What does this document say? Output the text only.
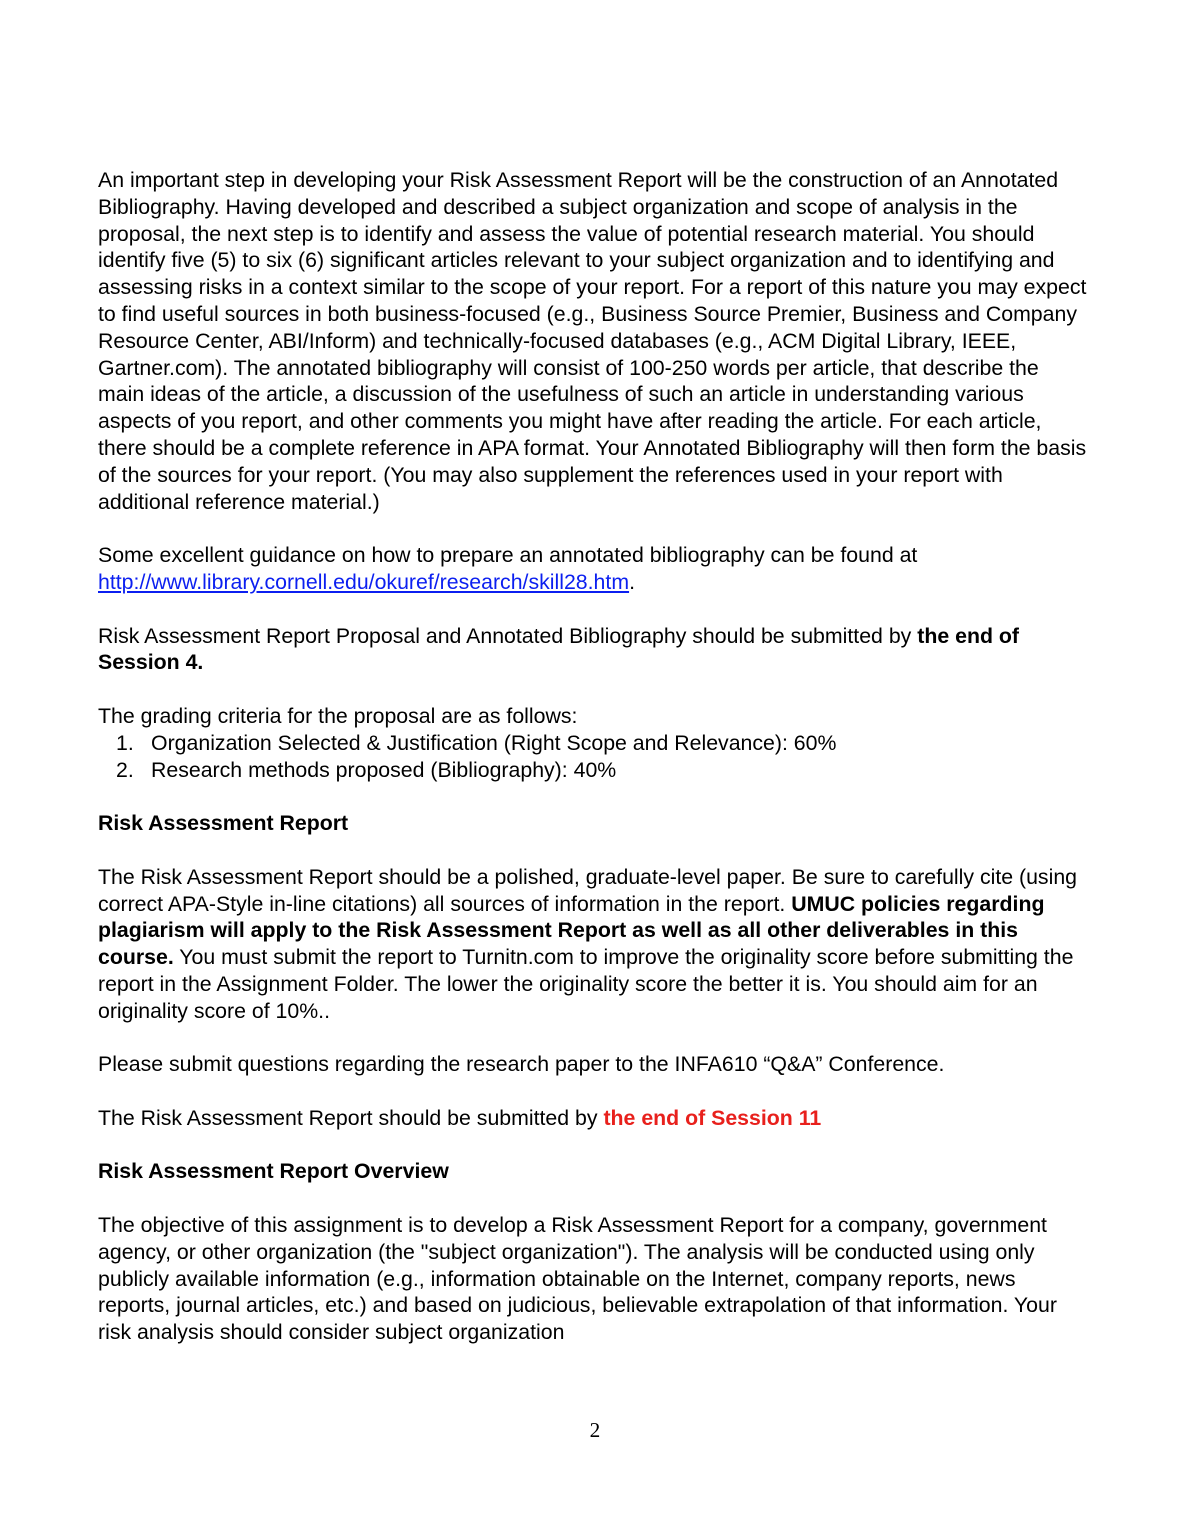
An important step in developing your Risk Assessment Report will be the construction of an Annotated Bibliography. Having developed and described a subject organization and scope of analysis in the proposal, the next step is to identify and assess the value of potential research material. You should identify five (5) to six (6) significant articles relevant to your subject organization and to identifying and assessing risks in a context similar to the scope of your report. For a report of this nature you may expect to find useful sources in both business-focused (e.g., Business Source Premier, Business and Company Resource Center, ABI/Inform) and technically-focused databases (e.g., ACM Digital Library, IEEE, Gartner.com). The annotated bibliography will consist of 100-250 words per article, that describe the main ideas of the article, a discussion of the usefulness of such an article in understanding various aspects of you report, and other comments you might have after reading the article. For each article, there should be a complete reference in APA format. Your Annotated Bibliography will then form the basis of the sources for your report. (You may also supplement the references used in your report with additional reference material.)

Some excellent guidance on how to prepare an annotated bibliography can be found at
http://www.library.cornell.edu/okuref/research/skill28.htm.

Risk Assessment Report Proposal and Annotated Bibliography should be submitted by the end of Session 4.

The grading criteria for the proposal are as follows:

1. Organization Selected & Justification (Right Scope and Relevance): 60%
2. Research methods proposed (Bibliography): 40%
Risk Assessment Report

The Risk Assessment Report should be a polished, graduate-level paper. Be sure to carefully cite (using correct APA-Style in-line citations) all sources of information in the report. UMUC policies regarding plagiarism will apply to the Risk Assessment Report as well as all other deliverables in this course. You must submit the report to Turnitn.com to improve the originality score before submitting the report in the Assignment Folder. The lower the originality score the better it is. You should aim for an originality score of 10%..

Please submit questions regarding the research paper to the INFA610 “Q&A” Conference.

The Risk Assessment Report should be submitted by the end of Session 11

Risk Assessment Report Overview

The objective of this assignment is to develop a Risk Assessment Report for a company, government agency, or other organization (the "subject organization"). The analysis will be conducted using only publicly available information (e.g., information obtainable on the Internet, company reports, news reports, journal articles, etc.) and based on judicious, believable extrapolation of that information. Your risk analysis should consider subject organization

2
